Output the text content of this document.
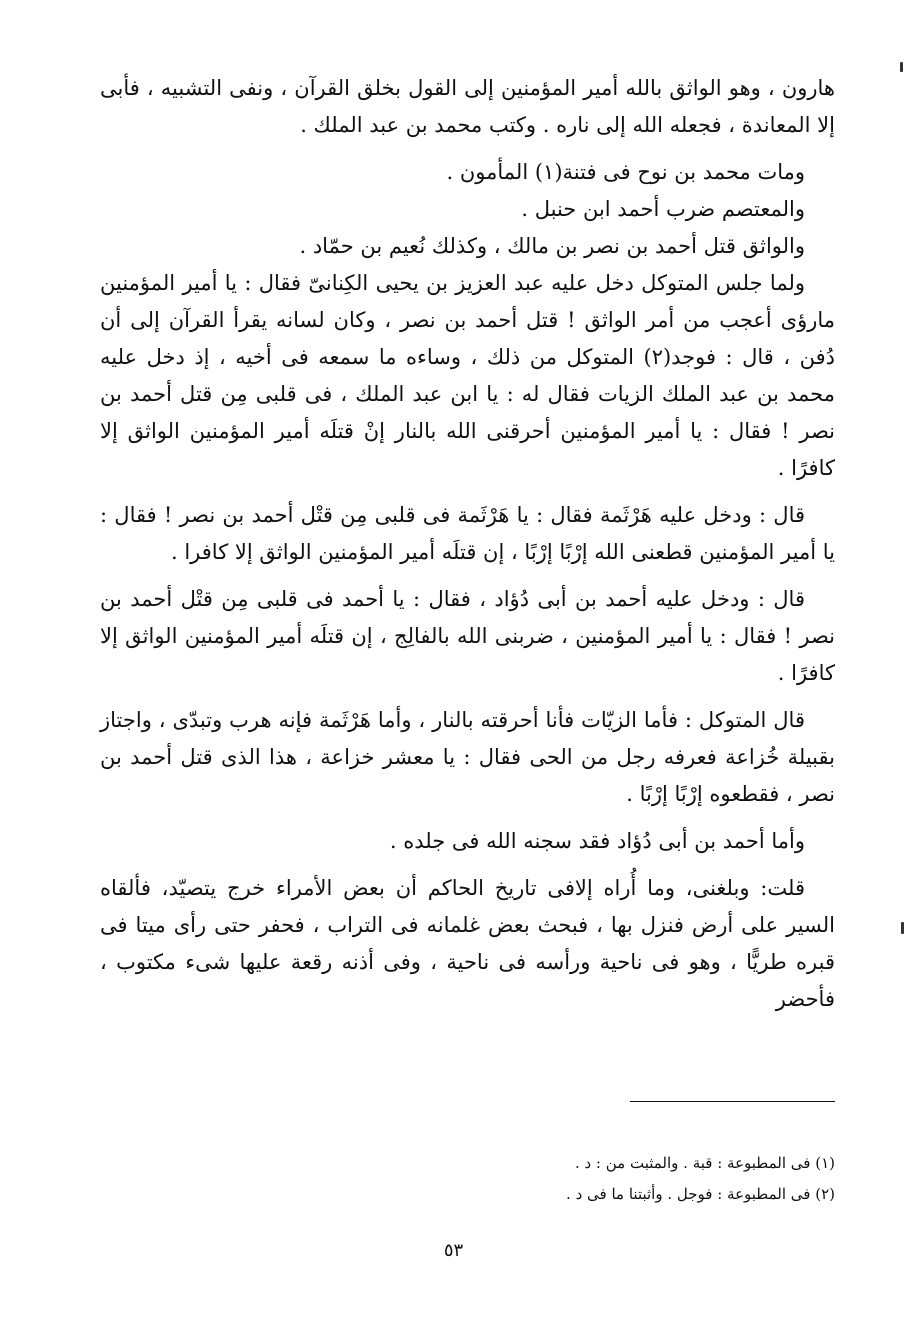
هارون ، وهو الواثق بالله أمير المؤمنين إلى القول بخلق القرآن ، ونفى التشبيه ، فأبى إلا المعاندة ، فجعله الله إلى ناره . وكتب محمد بن عبد الملك .

ومات محمد بن نوح فى فتنة(١) المأمون .

والمعتصم ضرب أحمد ابن حنبل .

والواثق قتل أحمد بن نصر بن مالك ، وكذلك نُعيم بن حمّاد .

ولما جلس المتوكل دخل عليه عبد العزيز بن يحيى الكِنانىّ فقال : يا أمير المؤمنين مارؤى أعجب من أمر الواثق ! قتل أحمد بن نصر ، وكان لسانه يقرأ القرآن إلى أن دُفن ، قال : فوجد(٢) المتوكل من ذلك ، وساءه ما سمعه فى أخيه ، إذ دخل عليه محمد بن عبد الملك الزيات فقال له : يا ابن عبد الملك ، فى قلبى مِن قتل أحمد بن نصر ! فقال : يا أمير المؤمنين أحرقنى الله بالنار إنْ قتلَه أمير المؤمنين الواثق إلا كافرًا .

قال : ودخل عليه هَرْثَمة فقال : يا هَرْثَمة فى قلبى مِن قتْل أحمد بن نصر ! فقال : يا أمير المؤمنين قطعنى الله إرْبًا إرْبًا ، إن قتلَه أمير المؤمنين الواثق إلا كافرا .

قال : ودخل عليه أحمد بن أبى دُؤاد ، فقال : يا أحمد فى قلبى مِن قتْل أحمد بن نصر ! فقال : يا أمير المؤمنين ، ضربنى الله بالفالِج ، إن قتلَه أمير المؤمنين الواثق إلا كافرًا .

قال المتوكل : فأما الزيّات فأنا أحرقته بالنار ، وأما هَرْثَمة فإنه هرب وتبدّى ، واجتاز بقبيلة خُزاعة فعرفه رجل من الحى فقال : يا معشر خزاعة ، هذا الذى قتل أحمد بن نصر ، فقطعوه إرْبًا إرْبًا .

وأما أحمد بن أبى دُؤاد فقد سجنه الله فى جلده .

قلت: وبلغنى، وما أُراه إلافى تاريخ الحاكم أن بعض الأمراء خرج يتصيّد، فألقاه السير على أرض فنزل بها ، فبحث بعض غلمانه فى التراب ، فحفر حتى رأى ميتا فى قبره طريًّا ، وهو فى ناحية ورأسه فى ناحية ، وفى أذنه رقعة عليها شىء مكتوب ، فأحضر

(١) فى المطبوعة : قبة . والمثبت من : د .

(٢) فى المطبوعة : فوجل . وأثبتنا ما فى د .

٥٣
